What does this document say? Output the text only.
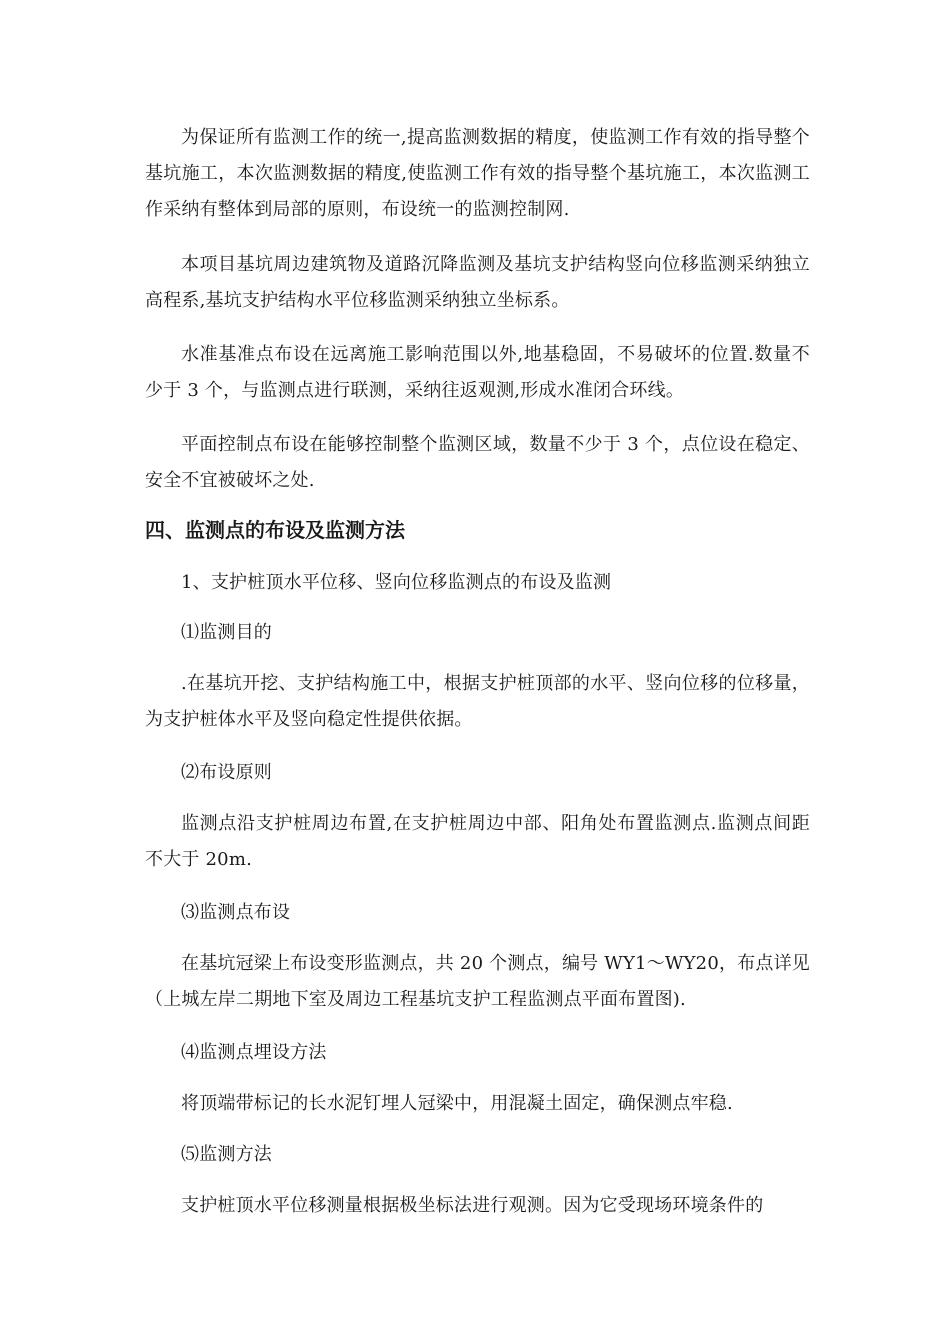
为保证所有监测工作的统一,提高监测数据的精度，使监测工作有效的指导整个基坑施工，本次监测数据的精度,使监测工作有效的指导整个基坑施工，本次监测工作采纳有整体到局部的原则，布设统一的监测控制网.

本项目基坑周边建筑物及道路沉降监测及基坑支护结构竖向位移监测采纳独立高程系,基坑支护结构水平位移监测采纳独立坐标系。

水准基准点布设在远离施工影响范围以外,地基稳固，不易破坏的位置.数量不少于 3 个，与监测点进行联测，采纳往返观测,形成水准闭合环线。

平面控制点布设在能够控制整个监测区域，数量不少于 3 个，点位设在稳定、安全不宜被破坏之处.

四、监测点的布设及监测方法

1、支护桩顶水平位移、竖向位移监测点的布设及监测

⑴监测目的

.在基坑开挖、支护结构施工中，根据支护桩顶部的水平、竖向位移的位移量，为支护桩体水平及竖向稳定性提供依据。

⑵布设原则

监测点沿支护桩周边布置,在支护桩周边中部、阳角处布置监测点.监测点间距不大于 20m.

⑶监测点布设

在基坑冠梁上布设变形监测点，共 20 个测点，编号 WY1～WY20，布点详见（上城左岸二期地下室及周边工程基坑支护工程监测点平面布置图).

⑷监测点埋设方法

将顶端带标记的长水泥钉埋人冠梁中，用混凝土固定，确保测点牢稳.

⑸监测方法

支护桩顶水平位移测量根据极坐标法进行观测。因为它受现场环境条件的
